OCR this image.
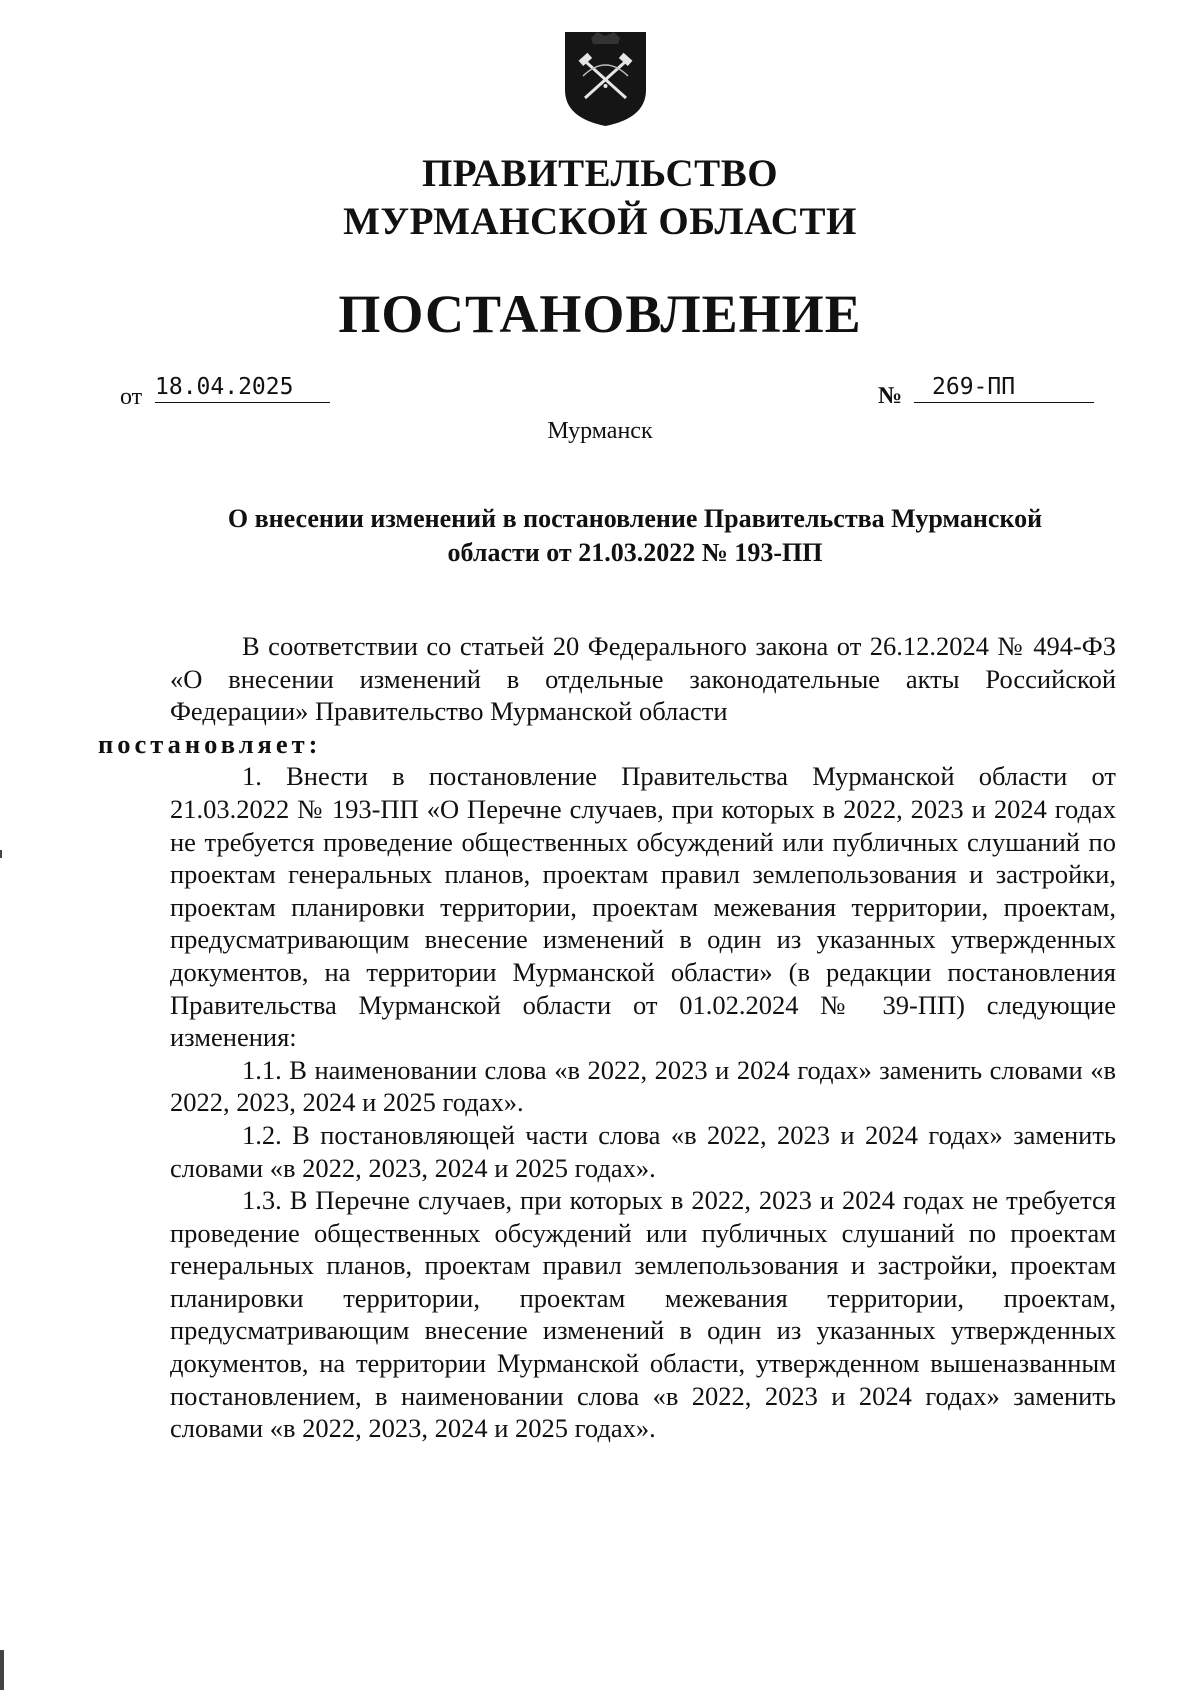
ПРАВИТЕЛЬСТВО
МУРМАНСКОЙ ОБЛАСТИ
ПОСТАНОВЛЕНИЕ
от 18.04.2025	№	269-ПП
Мурманск
О внесении изменений в постановление Правительства Мурманской
области от 21.03.2022 № 193-ПП

В соответствии со статьей 20 Федерального закона от 26.12.2024 № 494-ФЗ «О внесении изменений в отдельные законодательные акты Российской Федерации» Правительство Мурманской области
постановляет:

1. Внести в постановление Правительства Мурманской области от 21.03.2022 № 193-ПП «О Перечне случаев, при которых в 2022, 2023 и 2024 годах не требуется проведение общественных обсуждений или публичных слушаний по проектам генеральных планов, проектам правил землепользования и застройки, проектам планировки территории, проектам межевания территории, проектам, предусматривающим внесение изменений в один из указанных утвержденных документов, на территории Мурманской области» (в редакции постановления Правительства Мурманской области от 01.02.2024 № 39-ПП) следующие изменения:

1.1. В наименовании слова «в 2022, 2023 и 2024 годах» заменить словами «в 2022, 2023, 2024 и 2025 годах».

1.2. В постановляющей части слова «в 2022, 2023 и 2024 годах» заменить словами «в 2022, 2023, 2024 и 2025 годах».

1.3. В Перечне случаев, при которых в 2022, 2023 и 2024 годах не требуется проведение общественных обсуждений или публичных слушаний по проектам генеральных планов, проектам правил землепользования и застройки, проектам планировки территории, проектам межевания территории, проектам, предусматривающим внесение изменений в один из указанных утвержденных документов, на территории Мурманской области, утвержденном вышеназванным постановлением, в наименовании слова «в 2022, 2023 и 2024 годах» заменить словами «в 2022, 2023, 2024 и 2025 годах».
